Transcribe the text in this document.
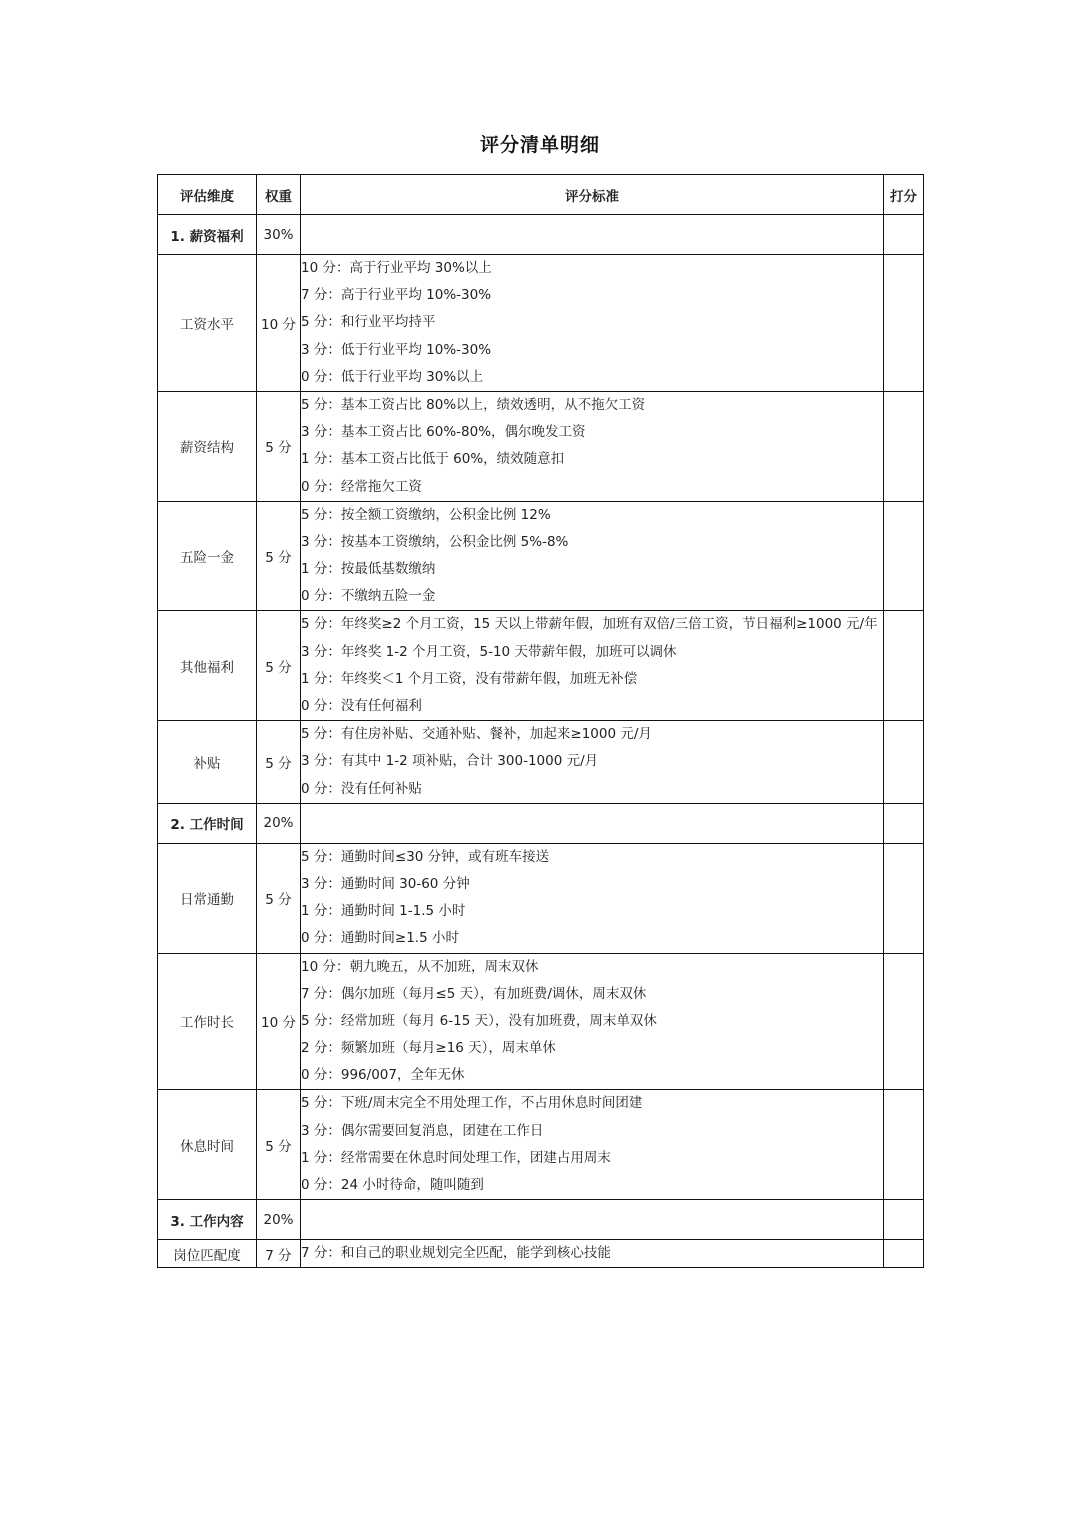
评分清单明细
评估维度	权重	评分标准	打分
1. 薪资福利	30%		
工资水平	10 分	10 分：高于行业平均 30%以上
7 分：高于行业平均 10%-30%
5 分：和行业平均持平
3 分：低于行业平均 10%-30%
0 分：低于行业平均 30%以上	

薪资结构	5 分	5 分：基本工资占比 80%以上，绩效透明，从不拖欠工资
3 分：基本工资占比 60%-80%，偶尔晚发工资
1 分：基本工资占比低于 60%，绩效随意扣
0 分：经常拖欠工资	

五险一金	5 分	5 分：按全额工资缴纳，公积金比例 12%
3 分：按基本工资缴纳，公积金比例 5%-8%
1 分：按最低基数缴纳
0 分：不缴纳五险一金	

其他福利	5 分	5 分：年终奖≥2 个月工资，15 天以上带薪年假，加班有双倍/三倍工资，节日福利≥1000 元/年
3 分：年终奖 1-2 个月工资，5-10 天带薪年假，加班可以调休
1 分：年终奖＜1 个月工资，没有带薪年假，加班无补偿
0 分：没有任何福利	

补贴	5 分	5 分：有住房补贴、交通补贴、餐补，加起来≥1000 元/月
3 分：有其中 1-2 项补贴，合计 300-1000 元/月
0 分：没有任何补贴	

2. 工作时间	20%		
日常通勤	5 分	5 分：通勤时间≤30 分钟，或有班车接送
3 分：通勤时间 30-60 分钟
1 分：通勤时间 1-1.5 小时
0 分：通勤时间≥1.5 小时	

工作时长	10 分	10 分：朝九晚五，从不加班，周末双休
7 分：偶尔加班（每月≤5 天），有加班费/调休，周末双休
5 分：经常加班（每月 6-15 天），没有加班费，周末单双休
2 分：频繁加班（每月≥16 天），周末单休
0 分：996/007，全年无休	

休息时间	5 分	5 分：下班/周末完全不用处理工作，不占用休息时间团建
3 分：偶尔需要回复消息，团建在工作日
1 分：经常需要在休息时间处理工作，团建占用周末
0 分：24 小时待命，随叫随到	

3. 工作内容	20%		
岗位匹配度	7 分	7 分：和自己的职业规划完全匹配，能学到核心技能	
